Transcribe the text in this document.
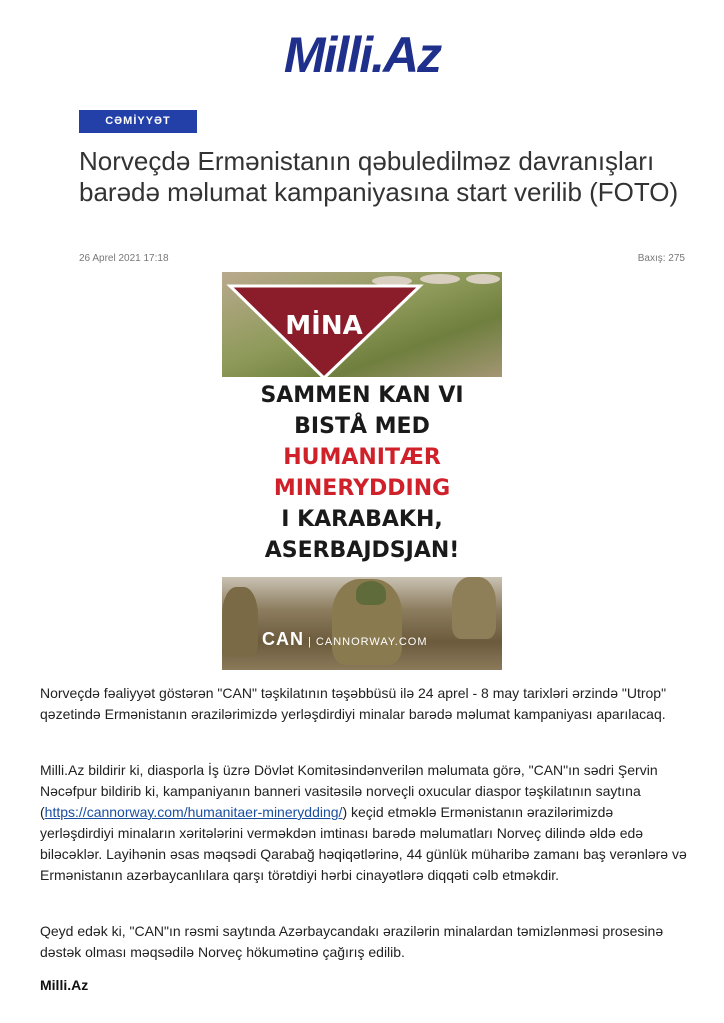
Milli.Az
CƏMİYYƏT
Norveçdə Ermənistanın qəbuledilməz davranışları barədə məlumat kampaniyasına start verilib (FOTO)
26 Aprel 2021 17:18	Baxış: 275
MİNA
SAMMEN KAN VI
BISTÅ MED
HUMANITÆR
MINERYDDING
I KARABAKH,
ASERBAJDSJAN!
CAN | CANNORWAY.COM
Norveçdə fəaliyyət göstərən "CAN" təşkilatının təşəbbüsü ilə 24 aprel - 8 may tarixləri ərzində "Utrop" qəzetində Ermənistanın ərazilərimizdə yerləşdirdiyi minalar barədə məlumat kampaniyası aparılacaq.
Milli.Az bildirir ki, diasporla İş üzrə Dövlət Komitəsindənverilən məlumata görə, "CAN"ın sədri Şervin Nəcəfpur bildirib ki, kampaniyanın banneri vasitəsilə norveçli oxucular diaspor təşkilatının saytına (https://cannorway.com/humanitaer-minerydding/) keçid etməklə Ermənistanın ərazilərimizdə yerləşdirdiyi minaların xəritələrini verməkdən imtinası barədə məlumatları Norveç dilində əldə edə biləcəklər. Layihənin əsas məqsədi Qarabağ həqiqətlərinə, 44 günlük müharibə zamanı baş verənlərə və Ermənistanın azərbaycanlılara qarşı törətdiyi hərbi cinayətlərə diqqəti cəlb etməkdir.
Qeyd edək ki, "CAN"ın rəsmi saytında Azərbaycandakı ərazilərin minalardan təmizlənməsi prosesinə dəstək olması məqsədilə Norveç hökumətinə çağırış edilib.
Milli.Az
